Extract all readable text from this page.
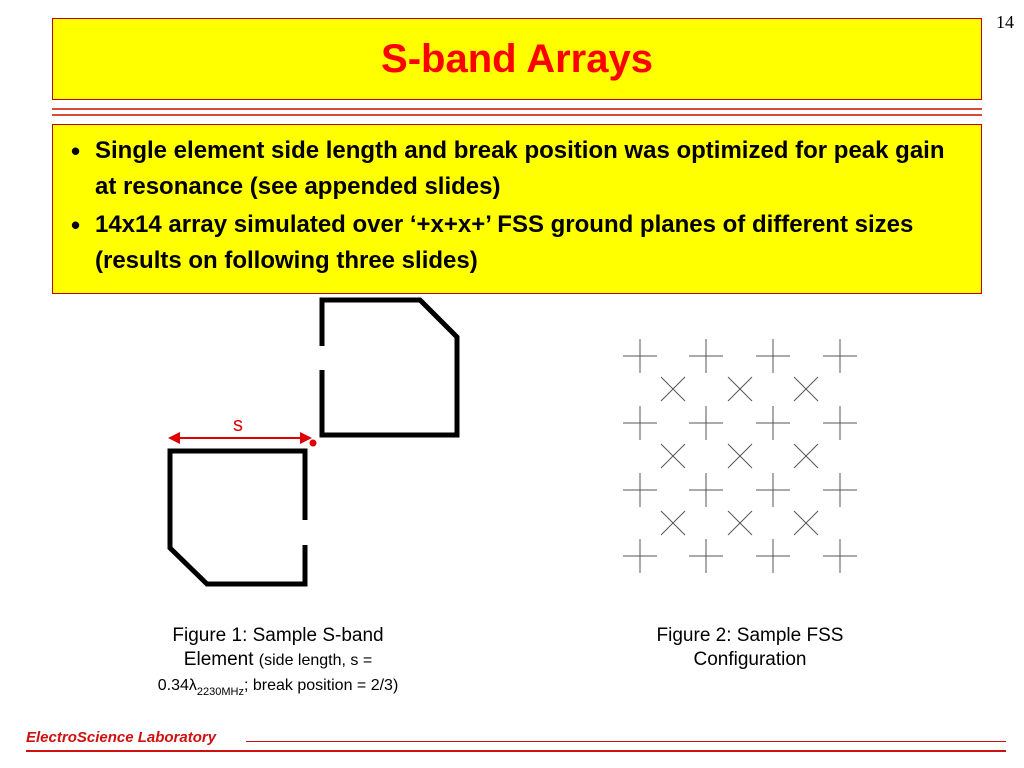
14
S-band Arrays
• Single element side length and break position was optimized for peak gain at resonance (see appended slides)
• 14x14 array simulated over ‘+x+x+’ FSS ground planes of different sizes (results on following three slides)
s
Figure 1: Sample S-band
Element (side length, s =
$0.34\lambda_{2230MHz}$; break position = 2/3)
Figure 2: Sample FSS
Configuration
ElectroScience Laboratory
